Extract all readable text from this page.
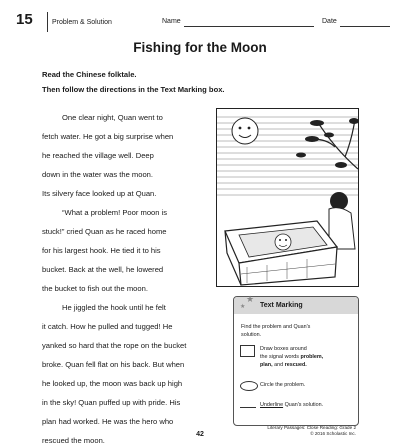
15	Problem & Solution	Name	Date
Fishing for the Moon
Read the Chinese folktale.
Then follow the directions in the Text Marking box.
One clear night, Quan went to
fetch water. He got a big surprise when
he reached the village well. Deep
down in the water was the moon.
Its silvery face looked up at Quan.
“What a problem! Poor moon is
stuck!” cried Quan as he raced home
for his largest hook. He tied it to his
bucket. Back at the well, he lowered
the bucket to fish out the moon.
He jiggled the hook until he felt
it catch. How he pulled and tugged! He
yanked so hard that the rope on the bucket
broke. Quan fell flat on his back. But when
he looked up, the moon was back up high
in the sky! Quan puffed up with pride. His
plan had worked. He was the hero who
rescued the moon.
★
★ Text Marking
Find the problem and Quan's
solution.
Draw boxes around
the signal words problem,
plan, and rescued.
Circle the problem.
Underline Quan's solution.
42
Literary Passages: Close Reading: Grade 2
© 2016 Scholastic Inc.
